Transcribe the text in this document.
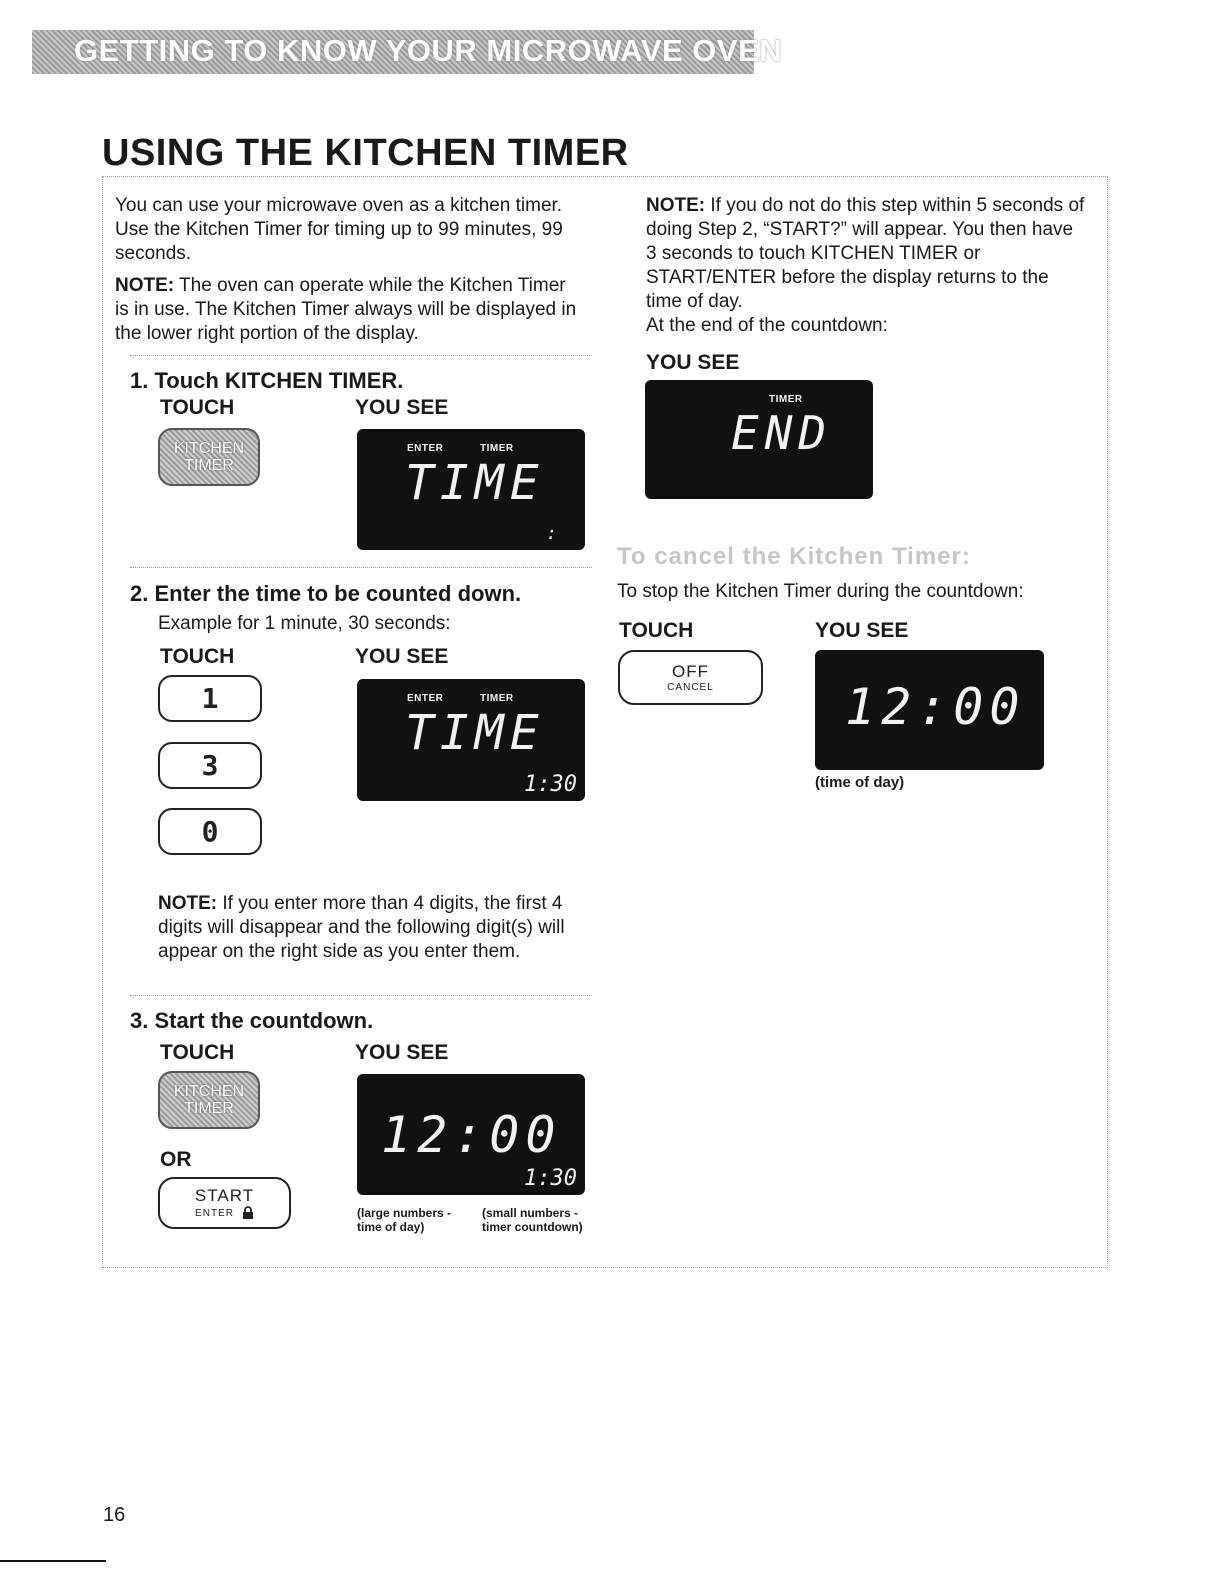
GETTING TO KNOW YOUR MICROWAVE OVEN
USING THE KITCHEN TIMER
You can use your microwave oven as a kitchen timer. Use the Kitchen Timer for timing up to 99 minutes, 99 seconds.
NOTE: The oven can operate while the Kitchen Timer is in use. The Kitchen Timer always will be displayed in the lower right portion of the display.
1. Touch KITCHEN TIMER.
TOUCH	YOU SEE
KITCHEN
TIMER
ENTER	TIMER
TIME
:
2. Enter the time to be counted down.
Example for 1 minute, 30 seconds:
TOUCH	YOU SEE
1
3
0
ENTER	TIMER
TIME
1:30
NOTE: If you enter more than 4 digits, the first 4 digits will disappear and the following digit(s) will appear on the right side as you enter them.
3. Start the countdown.
TOUCH	YOU SEE
KITCHEN
TIMER
OR
START
ENTER
12:00
1:30
(large numbers - time of day)
(small numbers - timer countdown)
NOTE: If you do not do this step within 5 seconds of doing Step 2, “START?” will appear. You then have 3 seconds to touch KITCHEN TIMER or START/ENTER before the display returns to the time of day.
At the end of the countdown:
YOU SEE
TIMER
END
To cancel the Kitchen Timer:
To stop the Kitchen Timer during the countdown:
TOUCH	YOU SEE
OFF
CANCEL	12:00
(time of day)
16
